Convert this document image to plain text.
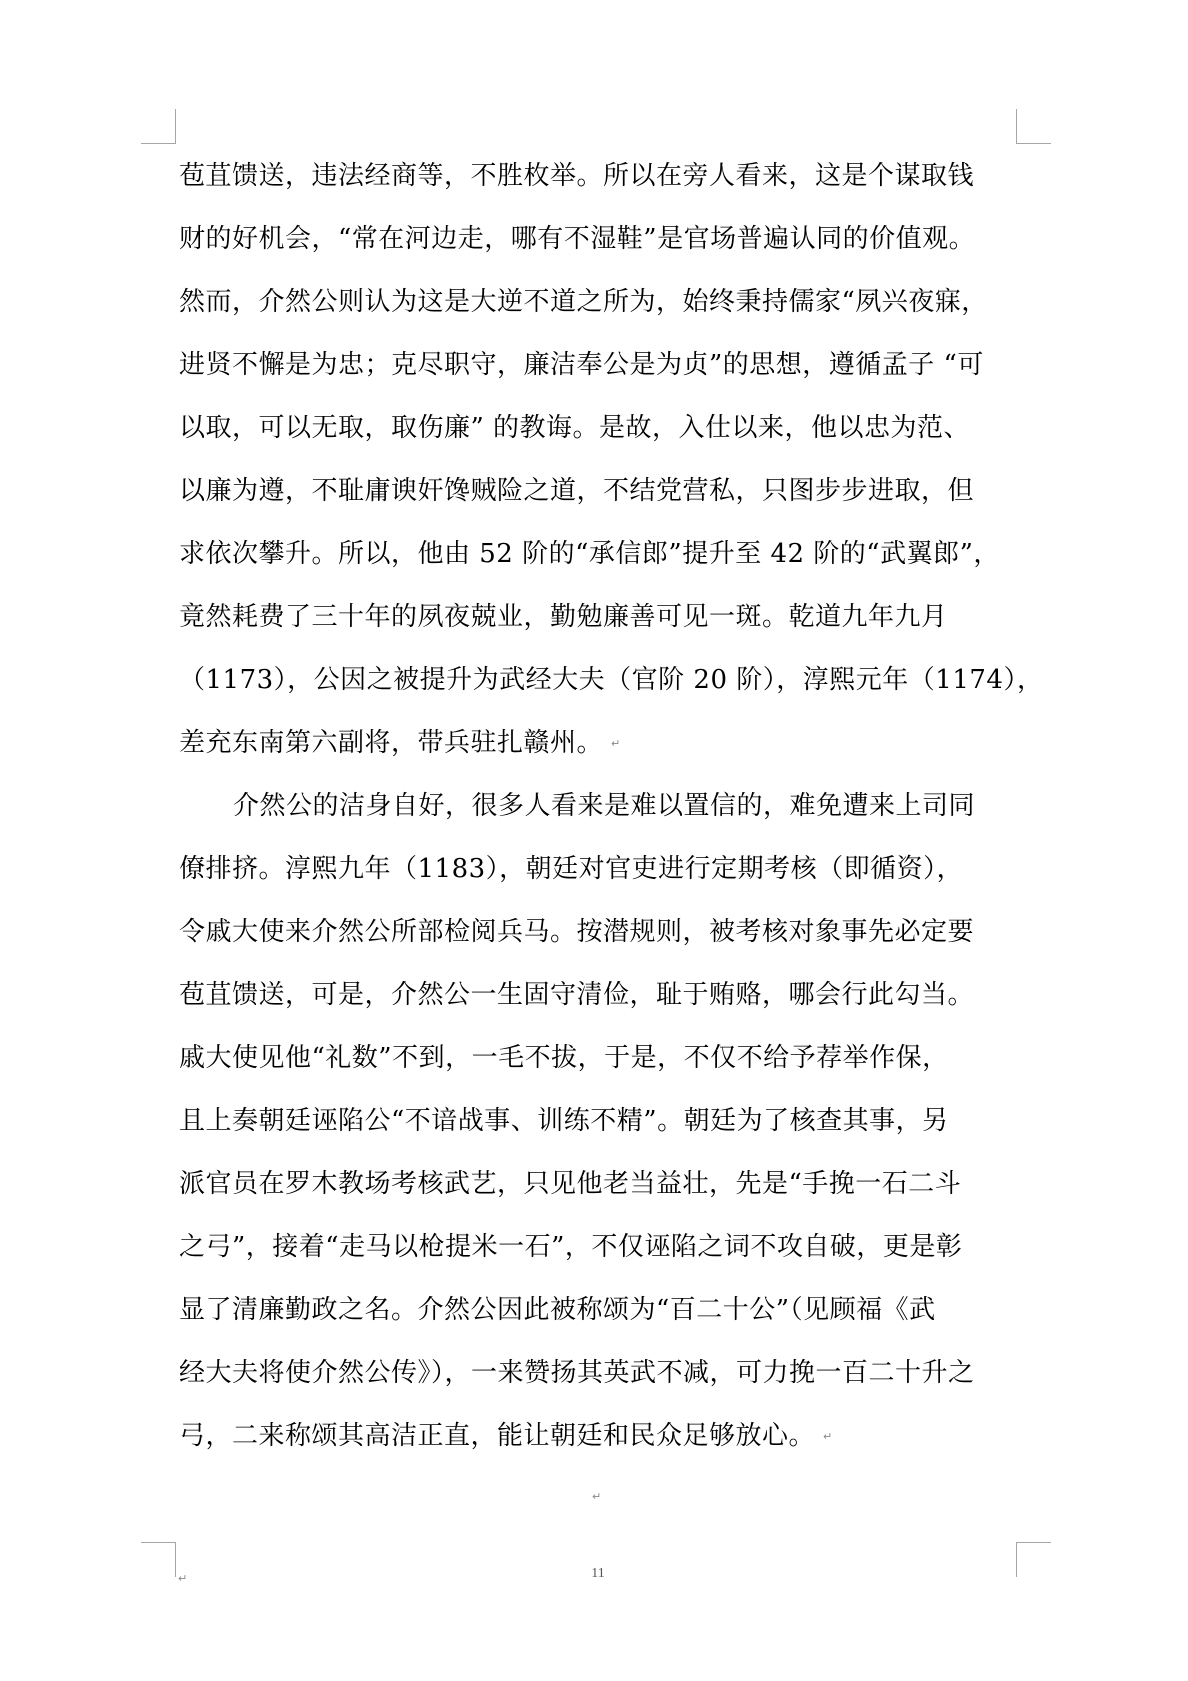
苞苴馈送，违法经商等，不胜枚举。所以在旁人看来，这是个谋取钱
财的好机会，“常在河边走，哪有不湿鞋”是官场普遍认同的价值观。
然而，介然公则认为这是大逆不道之所为，始终秉持儒家“夙兴夜寐，
进贤不懈是为忠；克尽职守，廉洁奉公是为贞”的思想，遵循孟子 “可
以取，可以无取，取伤廉” 的教诲。是故，入仕以来，他以忠为范、
以廉为遵，不耻庸谀奸馋贼险之道，不结党营私，只图步步进取，但
求依次攀升。所以，他由 52 阶的“承信郎”提升至 42 阶的“武翼郎”，
竟然耗费了三十年的夙夜兢业，勤勉廉善可见一斑。乾道九年九月
（1173），公因之被提升为武经大夫（官阶 20 阶），淳熙元年（1174），
差充东南第六副将，带兵驻扎赣州。 ↵
介然公的洁身自好，很多人看来是难以置信的，难免遭来上司同
僚排挤。淳熙九年（1183），朝廷对官吏进行定期考核（即循资），
令戚大使来介然公所部检阅兵马。按潜规则，被考核对象事先必定要
苞苴馈送，可是，介然公一生固守清俭，耻于贿赂，哪会行此勾当。
戚大使见他“礼数”不到，一毛不拔，于是，不仅不给予荐举作保，
且上奏朝廷诬陷公“不谙战事、训练不精”。朝廷为了核查其事，另
派官员在罗木教场考核武艺，只见他老当益壮，先是“手挽一石二斗
之弓”，接着“走马以枪提米一石”，不仅诬陷之词不攻自破，更是彰
显了清廉勤政之名。介然公因此被称颂为“百二十公”（见顾福《武
经大夫将使介然公传》），一来赞扬其英武不减，可力挽一百二十升之
弓，二来称颂其高洁正直，能让朝廷和民众足够放心。 ↵
↵
↵	11
